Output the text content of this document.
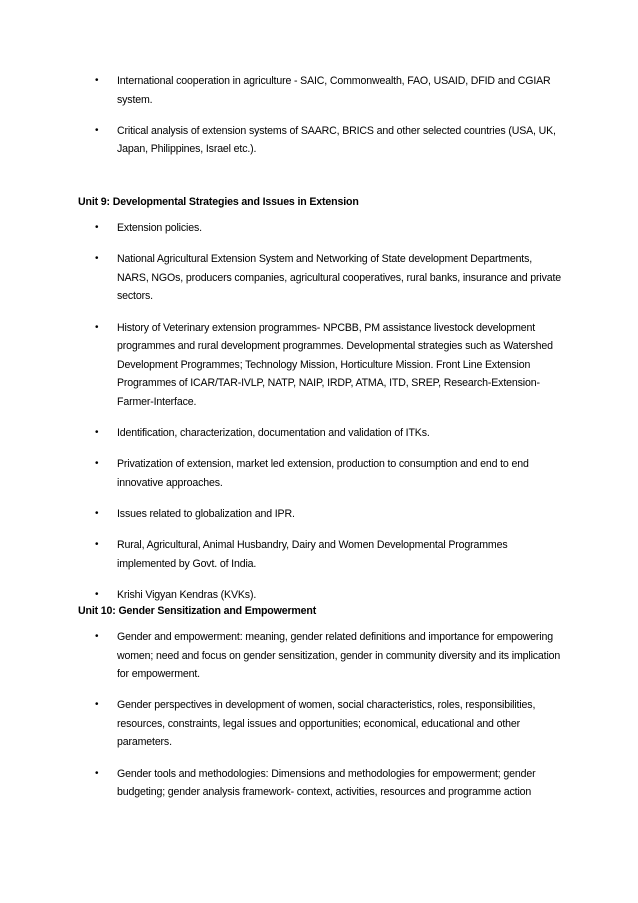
• International cooperation in agriculture - SAIC, Commonwealth, FAO, USAID, DFID and CGIAR system.
• Critical analysis of extension systems of SAARC, BRICS and other selected countries (USA, UK, Japan, Philippines, Israel etc.).
Unit 9: Developmental Strategies and Issues in Extension
• Extension policies.
• National Agricultural Extension System and Networking of State development Departments, NARS, NGOs, producers companies, agricultural cooperatives, rural banks, insurance and private sectors.
• History of Veterinary extension programmes- NPCBB, PM assistance livestock development programmes and rural development programmes. Developmental strategies such as Watershed Development Programmes; Technology Mission, Horticulture Mission. Front Line Extension Programmes of ICAR/TAR-IVLP, NATP, NAIP, IRDP, ATMA, ITD, SREP, Research-Extension-Farmer-Interface.
• Identification, characterization, documentation and validation of ITKs.
• Privatization of extension, market led extension, production to consumption and end to end innovative approaches.
• Issues related to globalization and IPR.
• Rural, Agricultural, Animal Husbandry, Dairy and Women Developmental Programmes implemented by Govt. of India.
• Krishi Vigyan Kendras (KVKs).
Unit 10: Gender Sensitization and Empowerment
• Gender and empowerment: meaning, gender related definitions and importance for empowering women; need and focus on gender sensitization, gender in community diversity and its implication for empowerment.
• Gender perspectives in development of women, social characteristics, roles, responsibilities, resources, constraints, legal issues and opportunities; economical, educational and other parameters.
• Gender tools and methodologies: Dimensions and methodologies for empowerment; gender budgeting; gender analysis framework- context, activities, resources and programme action
